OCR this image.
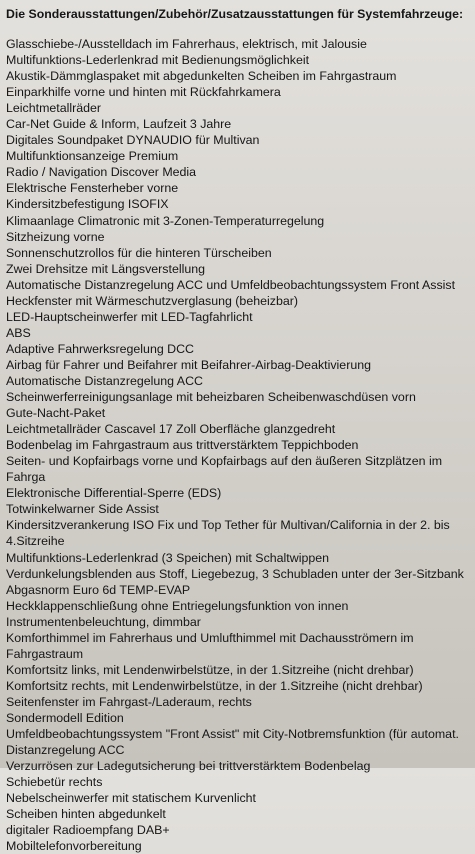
Die Sonderausstattungen/Zubehör/Zusatzausstattungen für Systemfahrzeuge:
Glasschiebe-/Ausstelldach im Fahrerhaus, elektrisch, mit Jalousie
Multifunktions-Lederlenkrad mit Bedienungsmöglichkeit
Akustik-Dämmglaspaket mit abgedunkelten Scheiben im Fahrgastraum
Einparkhilfe vorne und hinten mit Rückfahrkamera
Leichtmetallräder
Car-Net Guide & Inform, Laufzeit 3 Jahre
Digitales Soundpaket DYNAUDIO für Multivan
Multifunktionsanzeige Premium
Radio / Navigation Discover Media
Elektrische Fensterheber vorne
Kindersitzbefestigung ISOFIX
Klimaanlage Climatronic mit 3-Zonen-Temperaturregelung
Sitzheizung vorne
Sonnenschutzrollos für die hinteren Türscheiben
Zwei Drehsitze mit Längsverstellung
Automatische Distanzregelung ACC und Umfeldbeobachtungssystem Front Assist
Heckfenster mit Wärmeschutzverglasung (beheizbar)
LED-Hauptscheinwerfer mit LED-Tagfahrlicht
ABS
Adaptive Fahrwerksregelung DCC
Airbag für Fahrer und Beifahrer mit Beifahrer-Airbag-Deaktivierung
Automatische Distanzregelung ACC
Scheinwerferreinigungsanlage mit beheizbaren Scheibenwaschdüsen vorn
Gute-Nacht-Paket
Leichtmetallräder Cascavel 17 Zoll Oberfläche glanzgedreht
Bodenbelag im Fahrgastraum aus trittverstärktem Teppichboden
Seiten- und Kopfairbags vorne und Kopfairbags auf den äußeren Sitzplätzen im
Fahrga
Elektronische Differential-Sperre (EDS)
Totwinkelwarner Side Assist
Kindersitzverankerung ISO Fix und Top Tether für Multivan/California in der 2. bis
4.Sitzreihe
Multifunktions-Lederlenkrad (3 Speichen) mit Schaltwippen
Verdunkelungsblenden aus Stoff, Liegebezug, 3 Schubladen unter der 3er-Sitzbank
Abgasnorm Euro 6d TEMP-EVAP
Heckklappenschließung ohne Entriegelungsfunktion von innen
Instrumentenbeleuchtung, dimmbar
Komforthimmel im Fahrerhaus und Umlufthimmel mit Dachausströmern im
Fahrgastraum
Komfortsitz links, mit Lendenwirbelstütze, in der 1.Sitzreihe (nicht drehbar)
Komfortsitz rechts, mit Lendenwirbelstütze, in der 1.Sitzreihe (nicht drehbar)
Seitenfenster im Fahrgast-/Laderaum, rechts
Sondermodell Edition
Umfeldbeobachtungssystem "Front Assist" mit City-Notbremsfunktion (für automat.
Distanzregelung ACC
Verzurrösen zur Ladegutsicherung bei trittverstärktem Bodenbelag
Schiebetür rechts
Nebelscheinwerfer mit statischem Kurvenlicht
Scheiben hinten abgedunkelt
digitaler Radioempfang DAB+
Mobiltelefonvorbereitung
